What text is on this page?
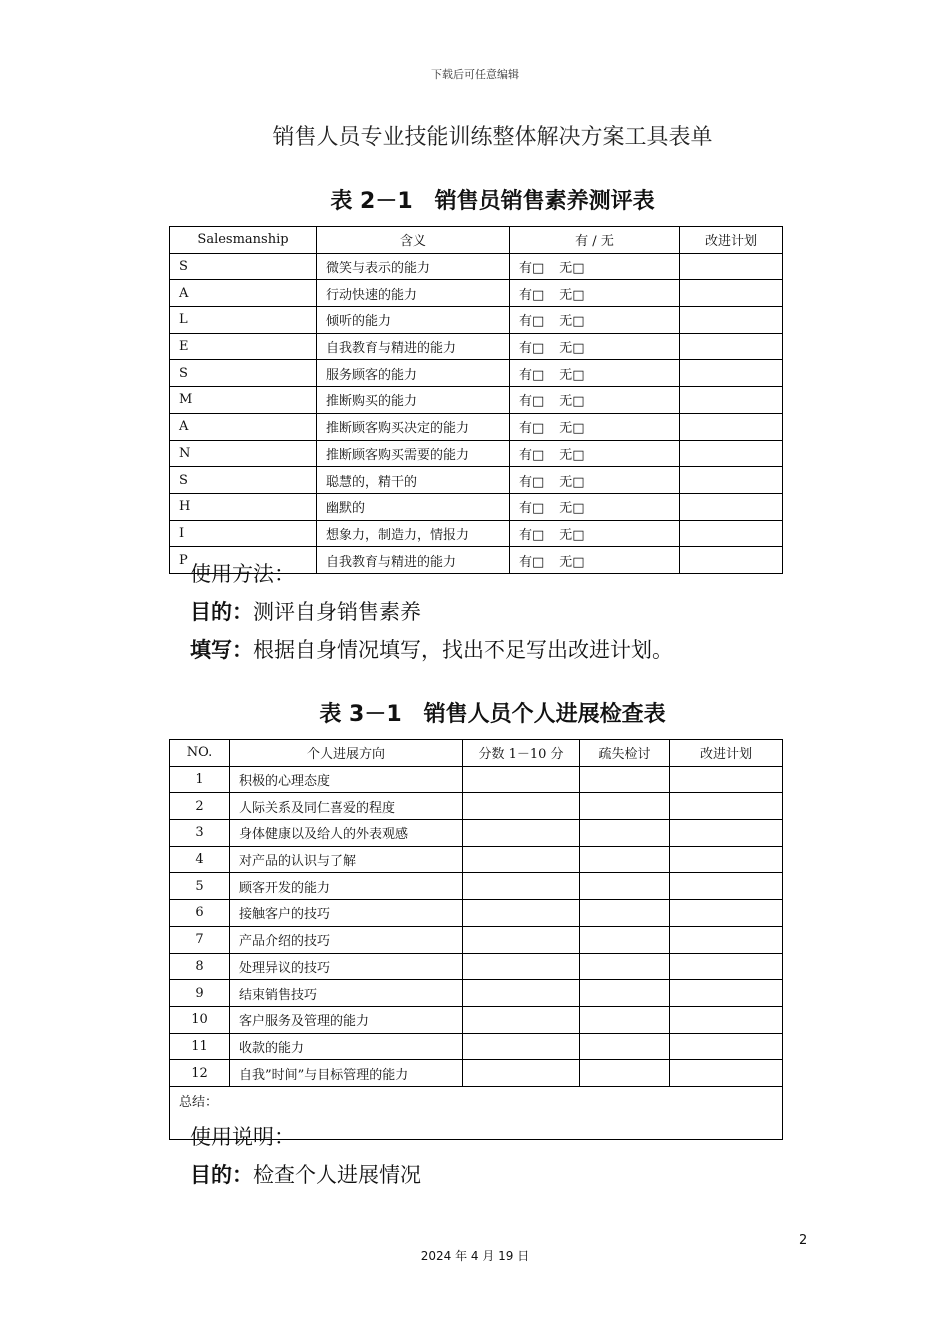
下载后可任意编辑
销售人员专业技能训练整体解决方案工具表单
表 2－1　销售员销售素养测评表
Salesmanship	含义	有 / 无	改进计划
S	微笑与表示的能力	有□ 无□	
A	行动快速的能力	有□ 无□	
L	倾听的能力	有□ 无□	
E	自我教育与精进的能力	有□ 无□	
S	服务顾客的能力	有□ 无□	
M	推断购买的能力	有□ 无□	
A	推断顾客购买决定的能力	有□ 无□	
N	推断顾客购买需要的能力	有□ 无□	
S	聪慧的，精干的	有□ 无□	
H	幽默的	有□ 无□	
I	想象力，制造力，情报力	有□ 无□	
P	自我教育与精进的能力	有□ 无□	
使用方法：
目的：测评自身销售素养
填写：根据自身情况填写，找出不足写出改进计划。
表 3－1　销售人员个人进展检查表
NO.	个人进展方向	分数 1－10 分	疏失检讨	改进计划
1	积极的心理态度			
2	人际关系及同仁喜爱的程度			
3	身体健康以及给人的外表观感			
4	对产品的认识与了解			
5	顾客开发的能力			
6	接触客户的技巧			
7	产品介绍的技巧			
8	处理异议的技巧			
9	结束销售技巧			
10	客户服务及管理的能力			
11	收款的能力			
12	自我”时间”与目标管理的能力			
总结：				
使用说明：
目的：检查个人进展情况
2
2024 年 4 月 19 日
